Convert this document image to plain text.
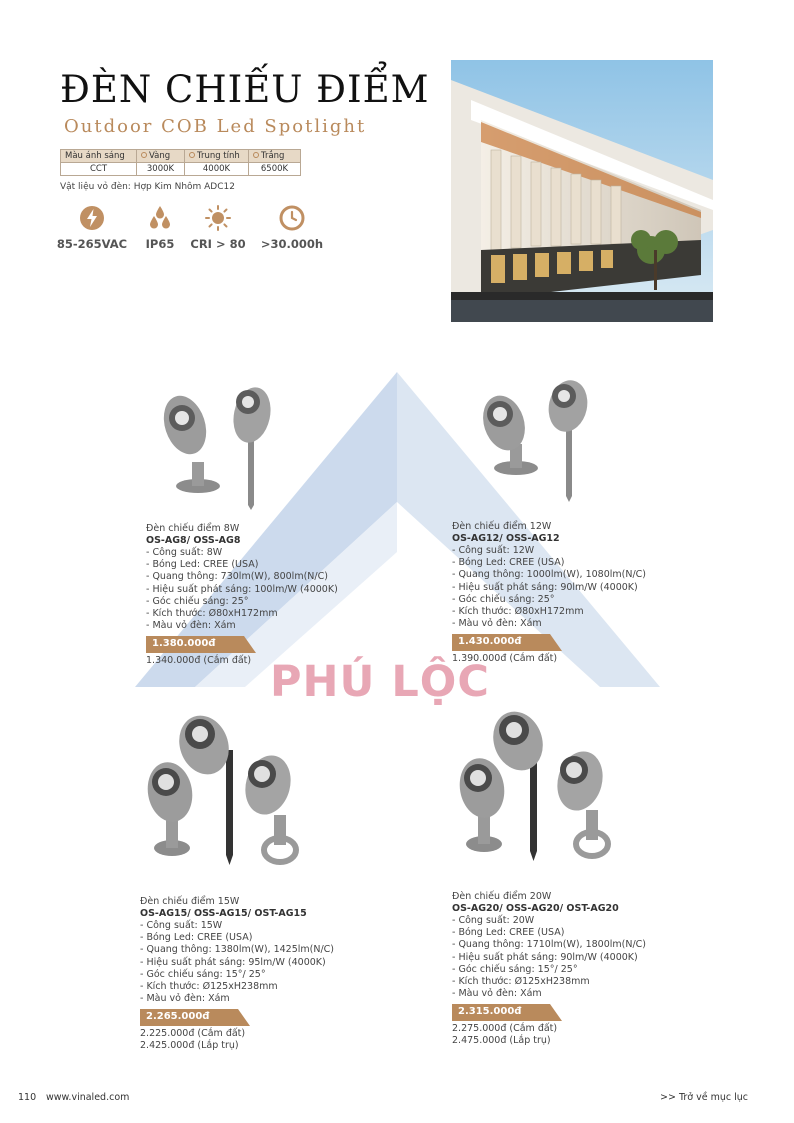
ĐÈN CHIẾU ĐIỂM
Outdoor COB Led Spotlight
Màu ánh sáng	Vàng	Trung tính	Trắng
CCT	3000K	4000K	6500K
Vật liệu vỏ đèn: Hợp Kim Nhôm ADC12
85-265VAC	IP65	CRI > 80	>30.000h
PHÚ LỘC
Đèn chiếu điểm 8W
OS-AG8/ OSS-AG8
- Công suất: 8W
- Bóng Led: CREE (USA)
- Quang thông: 730lm(W), 800lm(N/C)
- Hiệu suất phát sáng: 100lm/W (4000K)
- Góc chiếu sáng: 25°
- Kích thước: Ø80xH172mm
- Màu vỏ đèn: Xám
1.380.000đ
1.340.000đ (Cắm đất)
Đèn chiếu điểm 12W
OS-AG12/ OSS-AG12
- Công suất: 12W
- Bóng Led: CREE (USA)
- Quang thông: 1000lm(W), 1080lm(N/C)
- Hiệu suất phát sáng: 90lm/W (4000K)
- Góc chiếu sáng: 25°
- Kích thước: Ø80xH172mm
- Màu vỏ đèn: Xám
1.430.000đ
1.390.000đ (Cắm đất)
Đèn chiếu điểm 15W
OS-AG15/ OSS-AG15/ OST-AG15
- Công suất: 15W
- Bóng Led: CREE (USA)
- Quang thông: 1380lm(W), 1425lm(N/C)
- Hiệu suất phát sáng: 95lm/W (4000K)
- Góc chiếu sáng: 15°/ 25°
- Kích thước: Ø125xH238mm
- Màu vỏ đèn: Xám
2.265.000đ
2.225.000đ (Cắm đất)
2.425.000đ (Lắp trụ)
Đèn chiếu điểm 20W
OS-AG20/ OSS-AG20/ OST-AG20
- Công suất: 20W
- Bóng Led: CREE (USA)
- Quang thông: 1710lm(W), 1800lm(N/C)
- Hiệu suất phát sáng: 90lm/W (4000K)
- Góc chiếu sáng: 15°/ 25°
- Kích thước: Ø125xH238mm
- Màu vỏ đèn: Xám
2.315.000đ
2.275.000đ (Cắm đất)
2.475.000đ (Lắp trụ)
110 www.vinaled.com	>> Trở về mục lục
